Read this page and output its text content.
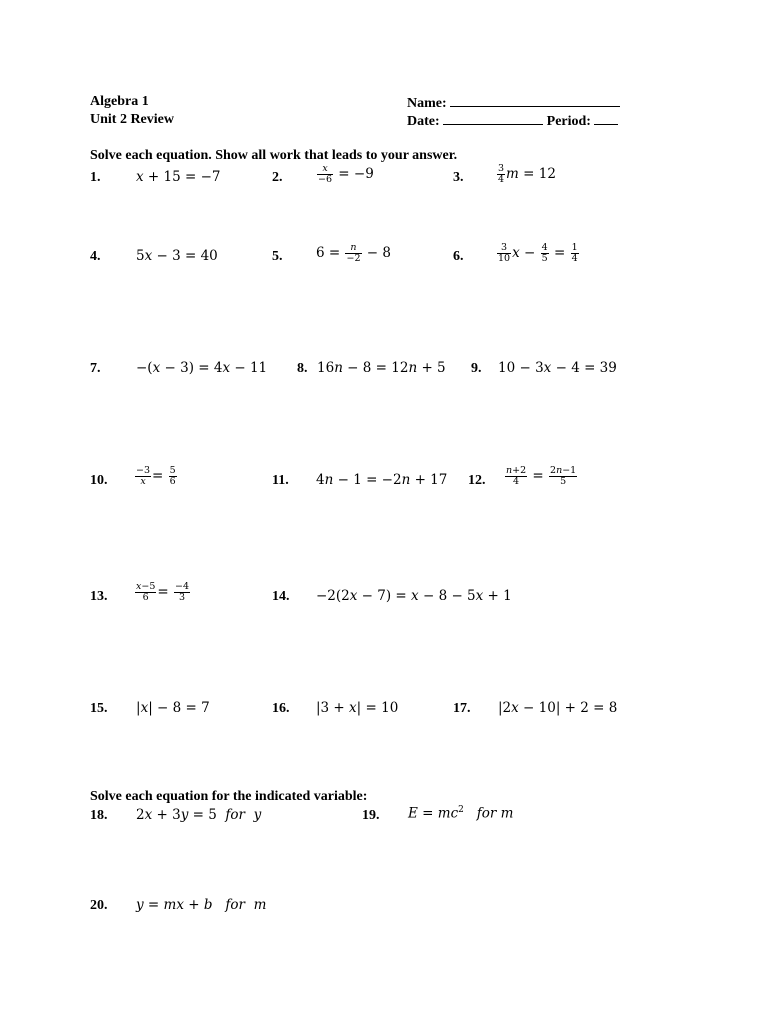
Algebra 1
Unit 2 Review
Name:
Date:	Period:
Solve each equation. Show all work that leads to your answer.
1.	x + 15 = −7	2.	$\frac{x}{-6} = -9$	3.	$\frac{3}{4}$ m = 12
4.	5x − 3 = 40	5. $6 = \frac{n}{-2} - 8$	6.	$\frac{3}{10}$ $x - \frac{4}{5} = \frac{1}{4}$
7.	−(x − 3) = 4x − 11 8. 16n − 8 = 12n + 5 9. 10 − 3x − 4 = 39
10.	$\frac{-3}{x} = \frac{5}{6}$	11. 4n − 1 = −2n + 17 12. $\frac{n+2}{4} = \frac{2n-1}{5}$
13.	$\frac{x-5}{6} = \frac{-4}{3}$	14. −2(2x − 7) = x − 8 − 5x + 1
15. |x| − 8 = 7	16. |3 + x| = 10	17. |2x − 10| + 2 = 8
Solve each equation for the indicated variable:
18. 2x + 3y = 5  for y	19. $E = mc^2$ for m
20. y = mx + b for m
